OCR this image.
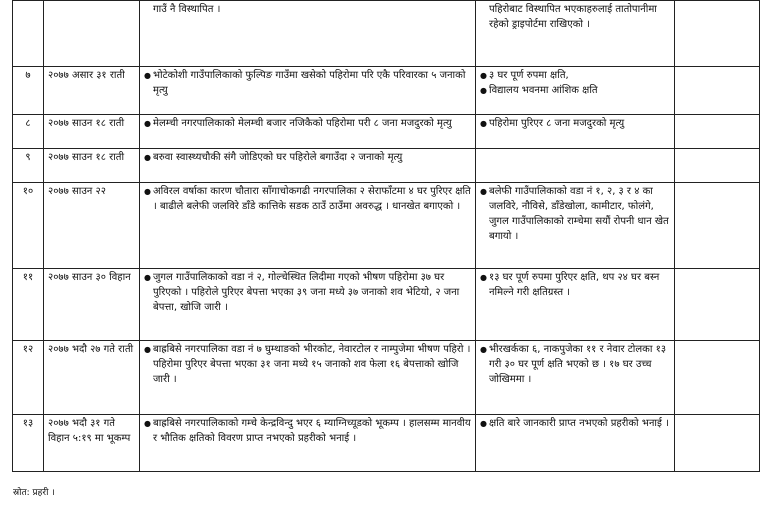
		गाउँ नै विस्थापित ।	पहिरोबाट विस्थापित भएकाहरुलाई तातोपानीमा रहेको ड्राइपोर्टमा राखिएको ।	

७	२०७७ असार ३१ राती	● भोटेकोशी गाउँपालिकाको फुल्पिङ गाउँमा खसेको पहिरोमा परि एकै परिवारका ५ जनाको मृत्यु	● ३ घर पूर्ण रुपमा क्षति,
● विद्यालय भवनमा आंशिक क्षति

८	२०७७ साउन १८ राती	● मेलम्ची नगरपालिकाको मेलम्ची बजार नजिकैको पहिरोमा परी ८ जना मजदुरको मृत्यु	● पहिरोमा पुरिएर ८ जना मजदुरको मृत्यु

९	२०७७ साउन १८ राती	● बरुवा स्वास्थ्यचौकी संगै जोडिएको घर पहिरोले बगाउँदा २ जनाको मृत्यु

१०	२०७७ साउन २२	● अविरल वर्षाका कारण चौतारा साँगाचोकगढी नगरपालिका २ सेराफाँटमा ४ घर पुरिएर क्षति । बाढीले बलेफी जलविरे डाँडे कात्तिके सडक ठाउँ ठाउँमा अवरुद्ध । धानखेत बगाएको ।	● बलेफी गाउँपालिकाको वडा नं १, २, ३ र ४ का जलविरे, नौविसे, डाँडेखोला, कामीटार, फोलंगे, जुगल गाउँपालिकाको राम्चेमा सयौं रोपनी धान खेत बगायो ।

११	२०७७ साउन ३० विहान	● जुगल गाउँपालिकाको वडा नं २, गोल्चेस्थित लिदीमा गएको भीषण पहिरोमा ३७ घर पुरिएको । पहिरोले पुरिएर बेपत्ता भएका ३९ जना मध्ये ३७ जनाको शव भेटियो, २ जना बेपत्ता, खोजि जारी ।	● १३ घर पूर्ण रुपमा पुरिएर क्षति, थप २४ घर बस्न नमिल्ने गरी क्षतिग्रस्त ।

१२	२०७७ भदौ २७ गते राती	● बाह्रबिसे नगरपालिका वडा नं ७ घुम्थाङको भीरकोट, नेवारटोल र नाम्पुजेमा भीषण पहिरो । पहिरोमा पुरिएर बेपत्ता भएका ३१ जना मध्ये १५ जनाको शव फेला १६ बेपत्ताको खोजि जारी ।	● भीरखर्कका ६, नाकपुजेका ११ र नेवार टोलका १३ गरी ३० घर पूर्ण क्षति भएको छ । १७ घर उच्च जोखिममा ।

१३	२०७७ भदौ ३१ गते विहान ५:१९ मा भूकम्प	● बाह्रबिसे नगरपालिकाको गम्चे केन्द्रविन्दु भएर ६ म्याग्निच्यूडको भूकम्प । हालसम्म मानवीय र भौतिक क्षतिको विवरण प्राप्त नभएको प्रहरीको भनाई ।	● क्षति बारे जानकारी प्राप्त नभएको प्रहरीको भनाई ।

स्रोत: प्रहरी ।
